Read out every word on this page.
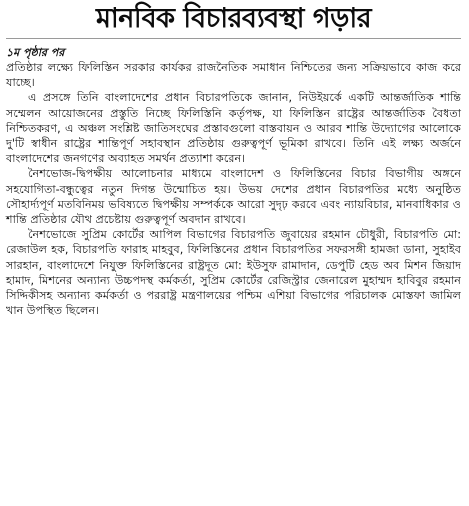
মানবিক বিচারব্যবস্থা গড়ার
১ম পৃষ্ঠার পর

প্রতিষ্ঠার লক্ষ্যে ফিলিস্তিন সরকার কার্যকর রাজনৈতিক সমাধান নিশ্চিতের জন্য সক্রিয়ভাবে কাজ করে যাচ্ছে।

এ প্রসঙ্গে তিনি বাংলাদেশের প্রধান বিচারপতিকে জানান, নিউইয়র্কে একটি আন্তর্জাতিক শান্তি সম্মেলন আয়োজনের প্রস্তুতি নিচ্ছে ফিলিস্তিনি কর্তৃপক্ষ, যা ফিলিস্তিন রাষ্ট্রের আন্তর্জাতিক বৈধতা নিশ্চিতকরণ, এ অঞ্চল সংশ্লিষ্ট জাতিসংঘের প্রস্তাবগুলো বাস্তবায়ন ও আরব শান্তি উদ্যোগের আলোকে দু'টি স্বাধীন রাষ্ট্রের শান্তিপূর্ণ সহাবস্থান প্রতিষ্ঠায় গুরুত্বপূর্ণ ভূমিকা রাখবে। তিনি এই লক্ষ্য অর্জনে বাংলাদেশের জনগণের অব্যাহত সমর্থন প্রত্যাশা করেন।

নৈশভোজ-দ্বিপক্ষীয় আলোচনার মাধ্যমে বাংলাদেশ ও ফিলিস্তিনের বিচার বিভাগীয় অঙ্গনে সহযোগিতা-বন্ধুত্বের নতুন দিগন্ত উন্মোচিত হয়। উভয় দেশের প্রধান বিচারপতির মধ্যে অনুষ্ঠিত সৌহার্দ্যপূর্ণ মতবিনিময় ভবিষ্যতে দ্বিপক্ষীয় সম্পর্ককে আরো সুদৃঢ় করবে এবং ন্যায়বিচার, মানবাধিকার ও শান্তি প্রতিষ্ঠার যৌথ প্রচেষ্টায় গুরুত্বপূর্ণ অবদান রাখবে।

নৈশভোজে সুপ্রিম কোর্টের আপিল বিভাগের বিচারপতি জুবায়ের রহমান চৌধুরী, বিচারপতি মো: রেজাউল হক, বিচারপতি ফারাহ মাহবুব, ফিলিস্তিনের প্রধান বিচারপতির সফরসঙ্গী হামজা ডানা, সুহাইব সারহান, বাংলাদেশে নিযুক্ত ফিলিস্তিনের রাষ্ট্রদূত মো: ইউসুফ রামাদান, ডেপুটি হেড অব মিশন জিয়াদ হামাদ, মিশনের অন্যান্য উচ্চপদস্থ কর্মকর্তা, সুপ্রিম কোর্টের রেজিস্ট্রার জেনারেল মুহাম্মদ হাবিবুর রহমান সিদ্দিকীসহ অন্যান্য কর্মকর্তা ও পররাষ্ট্র মন্ত্রণালয়ের পশ্চিম এশিয়া বিভাগের পরিচালক মোস্তফা জামিল খান উপস্থিত ছিলেন।
